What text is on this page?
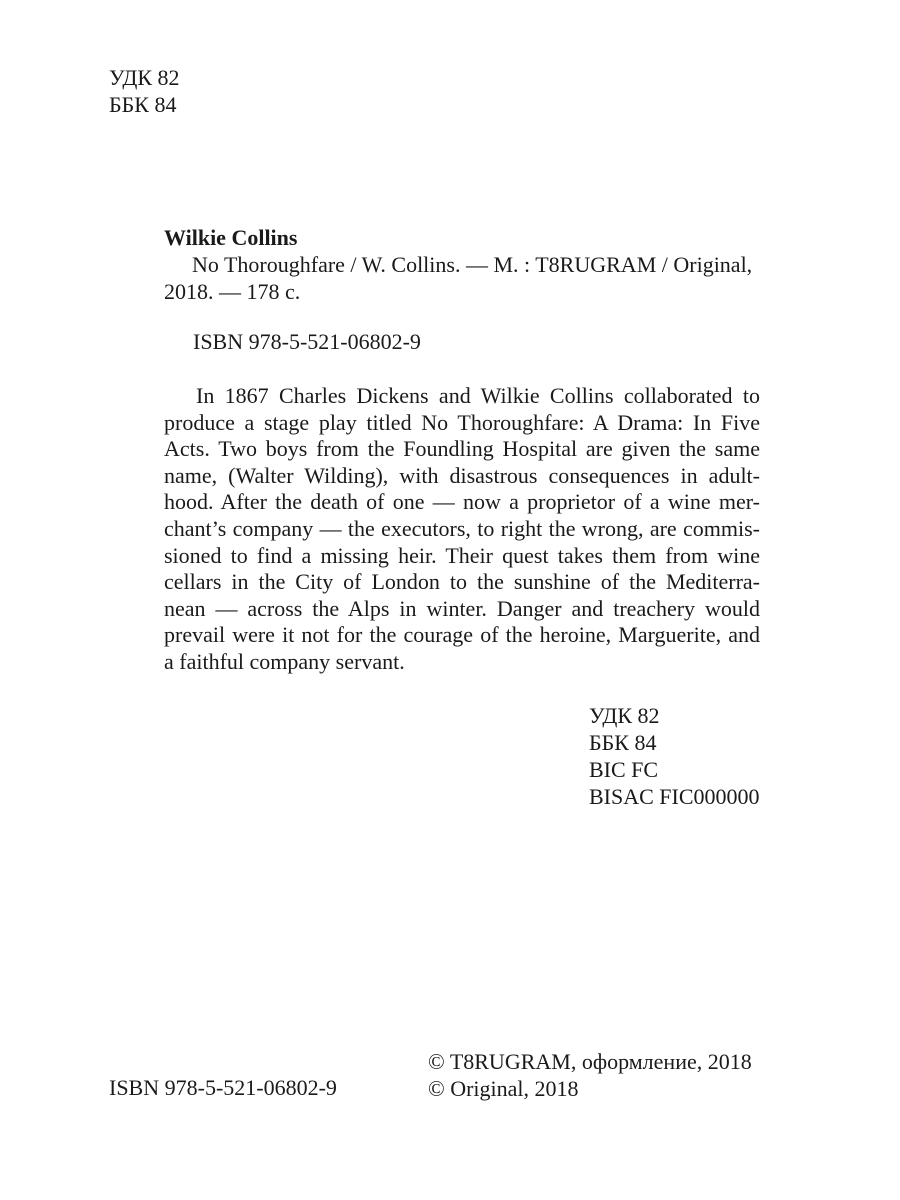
УДК 82
ББК 84
Wilkie Collins
No Thoroughfare / W. Collins. — M. : T8RUGRAM / Original,
2018. — 178 c.
ISBN 978-5-521-06802-9
In 1867 Charles Dickens and Wilkie Collins collaborated to
produce a stage play titled No Thoroughfare: A Drama: In Five
Acts. Two boys from the Foundling Hospital are given the same
name, (Walter Wilding), with disastrous consequences in adult-
hood. After the death of one — now a proprietor of a wine mer-
chant’s company — the executors, to right the wrong, are commis-
sioned to find a missing heir. Their quest takes them from wine
cellars in the City of London to the sunshine of the Mediterra-
nean — across the Alps in winter. Danger and treachery would
prevail were it not for the courage of the heroine, Marguerite, and
a faithful company servant.
УДК 82
ББК 84
BIC FC
BISAC FIC000000
ISBN 978-5-521-06802-9
© T8RUGRAM, оформление, 2018
© Original, 2018
